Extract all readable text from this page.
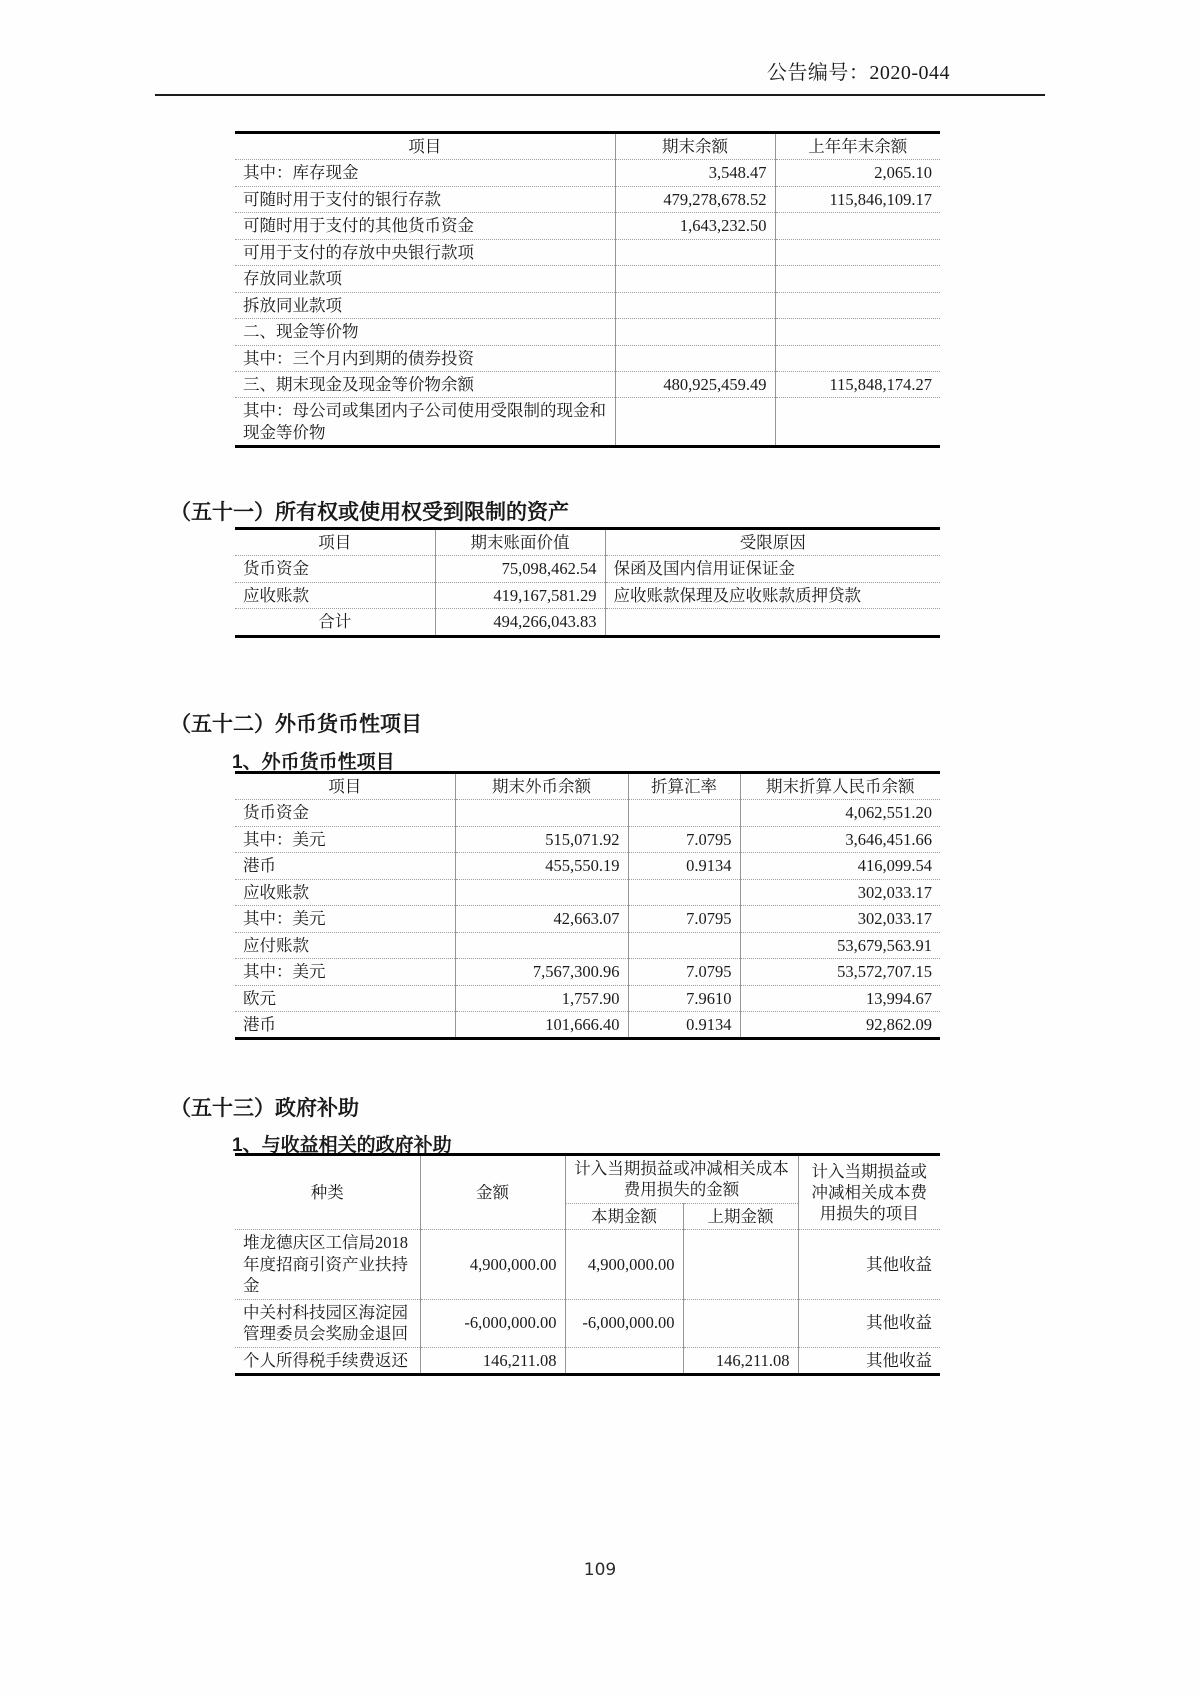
公告编号：2020-044
项目	期末余额	上年年末余额
其中：库存现金	3,548.47	2,065.10
可随时用于支付的银行存款	479,278,678.52	115,846,109.17
可随时用于支付的其他货币资金	1,643,232.50	
可用于支付的存放中央银行款项		
存放同业款项		
拆放同业款项		
二、现金等价物		
其中：三个月内到期的债券投资		
三、期末现金及现金等价物余额	480,925,459.49	115,848,174.27
其中：母公司或集团内子公司使用受限制的现金和现金等价物		
（五十一）所有权或使用权受到限制的资产
项目	期末账面价值	受限原因
货币资金	75,098,462.54	保函及国内信用证保证金
应收账款	419,167,581.29	应收账款保理及应收账款质押贷款
合计	494,266,043.83	
（五十二）外币货币性项目
1、外币货币性项目
项目	期末外币余额	折算汇率	期末折算人民币余额
货币资金			4,062,551.20
其中：美元	515,071.92	7.0795	3,646,451.66
港币	455,550.19	0.9134	416,099.54
应收账款			302,033.17
其中：美元	42,663.07	7.0795	302,033.17
应付账款			53,679,563.91
其中：美元	7,567,300.96	7.0795	53,572,707.15
欧元	1,757.90	7.9610	13,994.67
港币	101,666.40	0.9134	92,862.09
（五十三）政府补助
1、与收益相关的政府补助
种类	金额	计入当期损益或冲减相关成本费用损失的金额		计入当期损益或冲减相关成本费用损失的项目
		本期金额	上期金额	
堆龙德庆区工信局2018 年度招商引资产业扶持金	4,900,000.00	4,900,000.00		其他收益
中关村科技园区海淀园管理委员会奖励金退回	-6,000,000.00	-6,000,000.00		其他收益
个人所得税手续费返还	146,211.08		146,211.08	其他收益
109
